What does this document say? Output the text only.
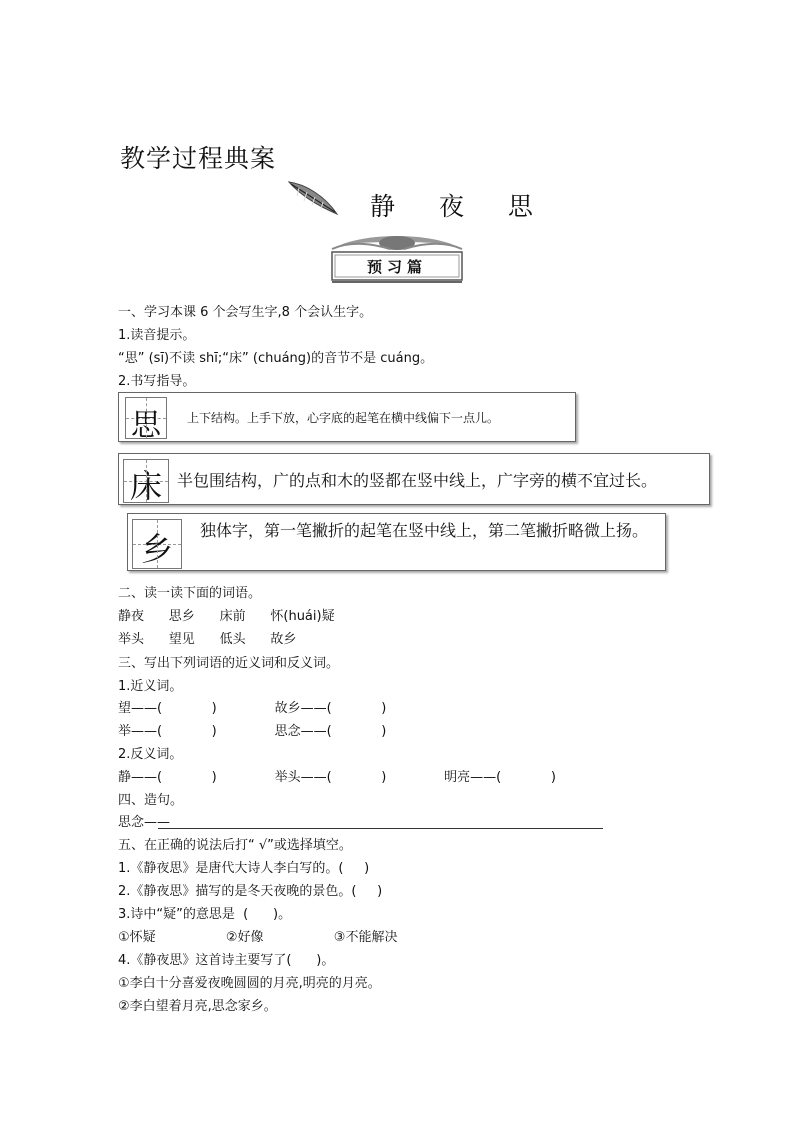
教学过程典案
静 夜 思
预习篇
一、学习本课 6 个会写生字,8 个会认生字。
1.读音提示。
“思” (sī)不读 shī;“床” (chuáng)的音节不是 cuáng。
2.书写指导。
思	上下结构。上手下放，心字底的起笔在横中线偏下一点儿。
床 半包围结构，广的点和木的竖都在竖中线上，广字旁的横不宜过长。
乡	独体字，第一笔撇折的起笔在竖中线上，第二笔撇折略微上扬。
二、读一读下面的词语。
静夜      思乡      床前      怀(huái)疑
举头      望见      低头      故乡
三、写出下列词语的近义词和反义词。
1.近义词。
望——(            )              故乡——(            )
举——(            )              思念——(            )
2.反义词。
静——(            )              举头——(            )              明亮——(            )
四、造句。
思念——
五、在正确的说法后打“ √”或选择填空。
1.《静夜思》是唐代大诗人李白写的。(     )
2.《静夜思》描写的是冬天夜晚的景色。(     )
3.诗中“疑”的意思是  (      )。
①怀疑                 ②好像                 ③不能解决
4.《静夜思》这首诗主要写了(      )。
①李白十分喜爱夜晚圆圆的月亮,明亮的月亮。
②李白望着月亮,思念家乡。
